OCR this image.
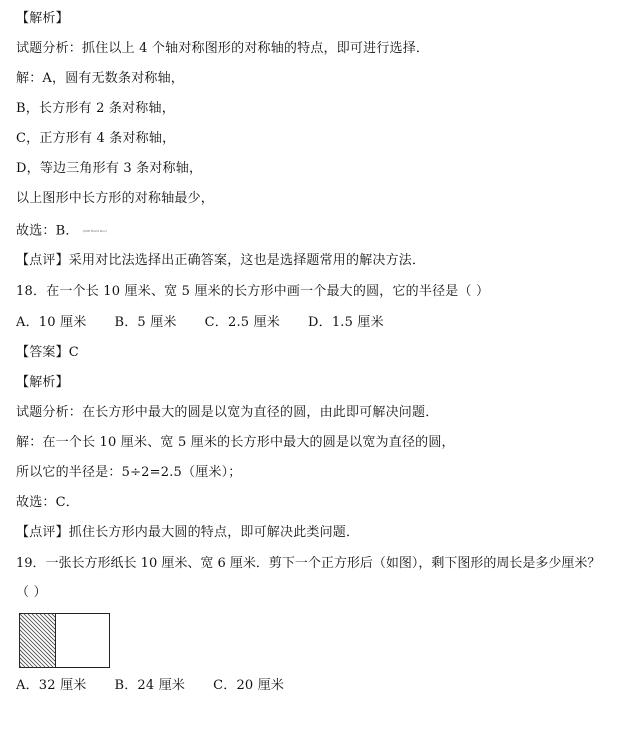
【解析】
试题分析：抓住以上 4 个轴对称图形的对称轴的特点，即可进行选择．
解：A，圆有无数条对称轴，
B，长方形有 2 条对称轴，
C，正方形有 4 条对称轴，
D，等边三角形有 3 条对称轴，
以上图形中长方形的对称轴最少，
故选：B． (Ch8 Word Doc)
【点评】采用对比法选择出正确答案，这也是选择题常用的解决方法．
18．在一个长 10 厘米、宽 5 厘米的长方形中画一个最大的圆，它的半径是（ ）
A．10 厘米 B．5 厘米 C．2.5 厘米 D．1.5 厘米
【答案】C
【解析】
试题分析：在长方形中最大的圆是以宽为直径的圆，由此即可解决问题．
解：在一个长 10 厘米、宽 5 厘米的长方形中最大的圆是以宽为直径的圆，
所以它的半径是：5÷2=2.5（厘米）；
故选：C．
【点评】抓住长方形内最大圆的特点，即可解决此类问题．
19．一张长方形纸长 10 厘米、宽 6 厘米．剪下一个正方形后（如图），剩下图形的周长是多少厘米？
（ ）
A．32 厘米 B．24 厘米 C．20 厘米
